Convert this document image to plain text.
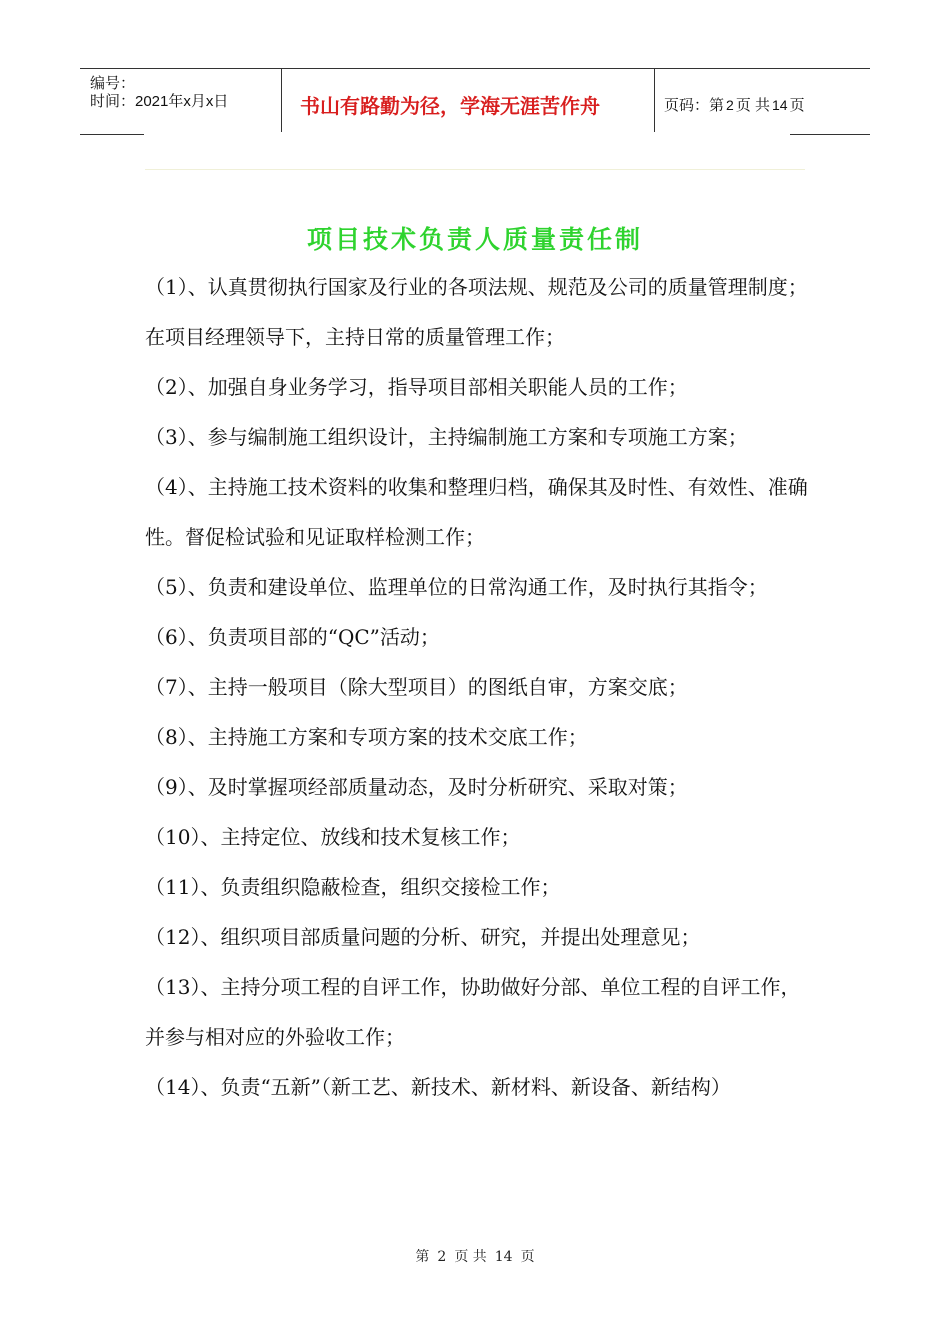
编号：
时间：2021年x月x日	书山有路勤为径，学海无涯苦作舟	页码：第 2 页 共 14 页
项目技术负责人质量责任制

（1）、认真贯彻执行国家及行业的各项法规、规范及公司的质量管理制度；在项目经理领导下，主持日常的质量管理工作；

（2）、加强自身业务学习，指导项目部相关职能人员的工作；

（3）、参与编制施工组织设计，主持编制施工方案和专项施工方案；

（4）、主持施工技术资料的收集和整理归档，确保其及时性、有效性、准确性。督促检试验和见证取样检测工作；

（5）、负责和建设单位、监理单位的日常沟通工作，及时执行其指令；

（6）、负责项目部的“QC”活动；

（7）、主持一般项目（除大型项目）的图纸自审，方案交底；

（8）、主持施工方案和专项方案的技术交底工作；

（9）、及时掌握项经部质量动态，及时分析研究、采取对策；

（10）、主持定位、放线和技术复核工作；

（11）、负责组织隐蔽检查，组织交接检工作；

（12）、组织项目部质量问题的分析、研究，并提出处理意见；

（13）、主持分项工程的自评工作，协助做好分部、单位工程的自评工作，并参与相对应的外验收工作；

（14）、负责“五新”（新工艺、新技术、新材料、新设备、新结构）

第 2 页 共 14 页
